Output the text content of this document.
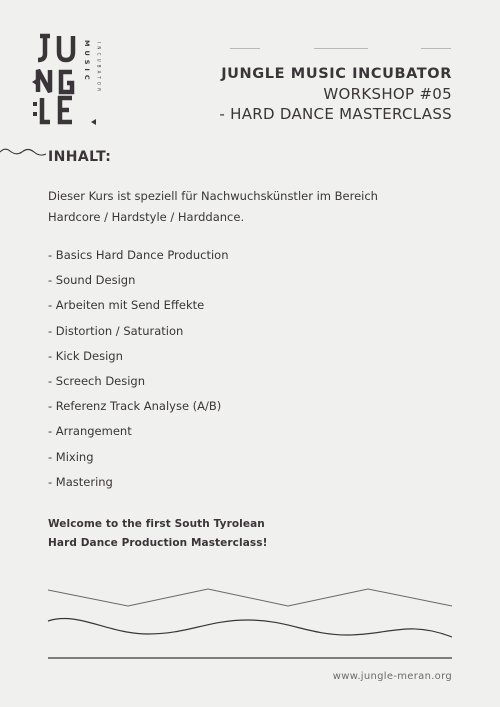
MUSIC INCUBATOR	JUNGLE MUSIC INCUBATOR
WORKSHOP #05
- HARD DANCE MASTERCLASS
INHALT:
Dieser Kurs ist speziell für Nachwuchskünstler im Bereich
Hardcore / Hardstyle / Harddance.
- Basics Hard Dance Production
- Sound Design
- Arbeiten mit Send Effekte
- Distortion / Saturation
- Kick Design
- Screech Design
- Referenz Track Analyse (A/B)
- Arrangement
- Mixing
- Mastering
Welcome to the first South Tyrolean
Hard Dance Production Masterclass!
www.jungle-meran.org
